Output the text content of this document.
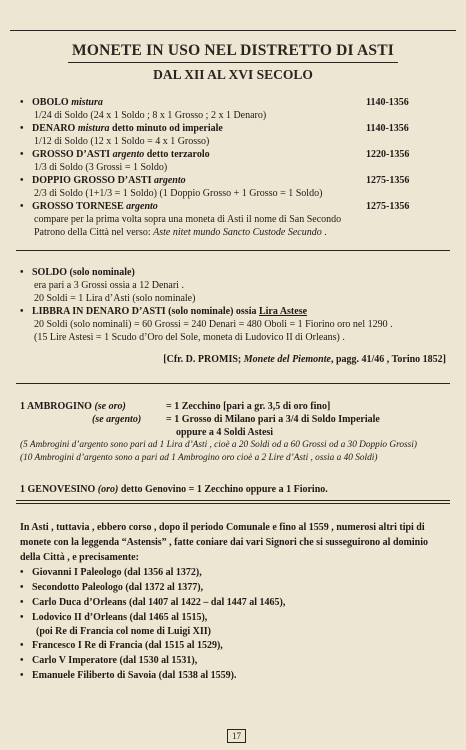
MONETE IN USO NEL DISTRETTO DI ASTI
DAL XII AL XVI SECOLO
• OBOLO mistura	1140-1356
1/24 di Soldo (24 x 1 Soldo ; 8 x 1 Grosso ; 2 x 1 Denaro)
• DENARO mistura detto minuto od imperiale	1140-1356
1/12 di Soldo (12 x 1 Soldo = 4 x 1 Grosso)
• GROSSO D’ASTI argento detto terzarolo	1220-1356
1/3 di Soldo (3 Grossi = 1 Soldo)
• DOPPIO GROSSO D’ASTI argento	1275-1356
2/3 di Soldo (1+1/3 = 1 Soldo) (1 Doppio Grosso + 1 Grosso = 1 Soldo)
• GROSSO TORNESE argento	1275-1356
compare per la prima volta sopra una moneta di Asti il nome di San Secondo
Patrono della Città nel verso: Aste nitet mundo Sancto Custode Secundo .
• SOLDO (solo nominale)
era pari a 3 Grossi ossia a 12 Denari .
20 Soldi = 1 Lira d’Asti (solo nominale)
• LIBBRA IN DENARO D’ASTI (solo nominale) ossia Lira Astese
20 Soldi (solo nominali) = 60 Grossi = 240 Denari = 480 Oboli = 1 Fiorino oro nel 1290 .
(15 Lire Astesi = 1 Scudo d’Oro del Sole, moneta di Ludovico II di Orleans) .
[Cfr. D. PROMIS; Monete del Piemonte, pagg. 41/46 , Torino 1852]
1 AMBROGINO (se oro)	= 1 Zecchino [pari a gr. 3,5 di oro fino]
(se argento)	= 1 Grosso di Milano pari a 3/4 di Soldo Imperiale
oppure a 4 Soldi Astesi
(5 Ambrogini d’argento sono pari ad 1 Lira d’Asti , cioè a 20 Soldi od a 60 Grossi od a 30 Doppio Grossi)
(10 Ambrogini d’argento sono a pari ad 1 Ambrogino oro cioè a 2 Lire d’Asti , ossia a 40 Soldi)
1 GENOVESINO (oro) detto Genovino = 1 Zecchino oppure a 1 Fiorino.
In Asti , tuttavia , ebbero corso , dopo il periodo Comunale e fino al 1559 , numerosi altri tipi di monete con la leggenda “Astensis” , fatte coniare dai vari Signori che si susseguirono al dominio della Città , e precisamente:
• Giovanni I Paleologo (dal 1356 al 1372),
• Secondotto Paleologo (dal 1372 al 1377),
• Carlo Duca d’Orleans (dal 1407 al 1422 – dal 1447 al 1465),
• Lodovico II d’Orleans (dal 1465 al 1515),
(poi Re di Francia col nome di Luigi XII)
• Francesco I Re di Francia (dal 1515 al 1529),
• Carlo V Imperatore (dal 1530 al 1531),
• Emanuele Filiberto di Savoia (dal 1538 al 1559).
17
